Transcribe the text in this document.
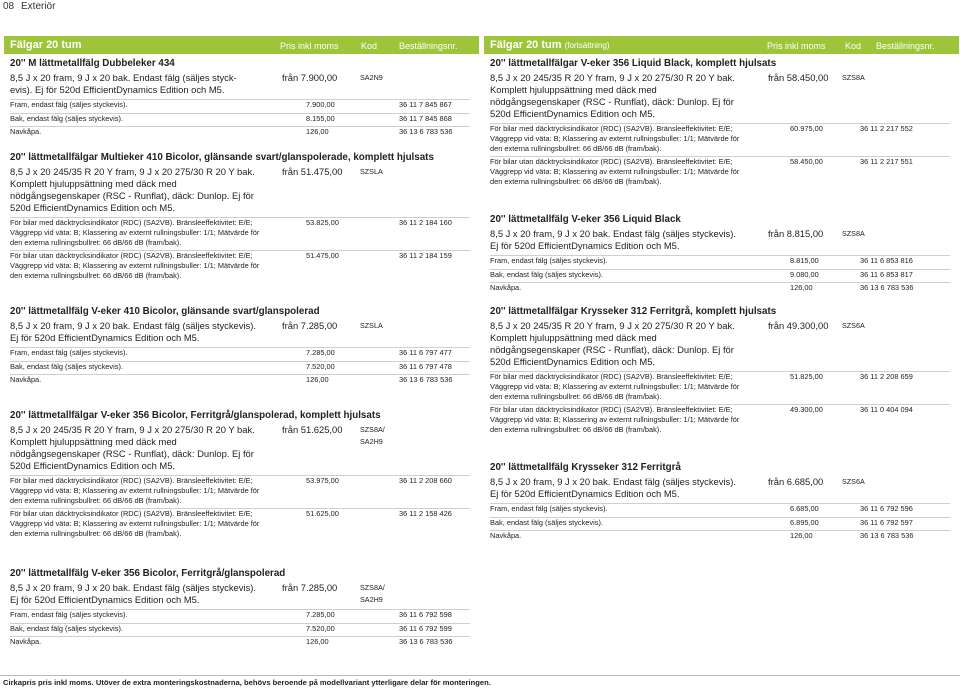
08 Exteriör
Fälgar 20 tum	Pris inkl moms Kod Beställningsnr.
20'' M lättmetallfälg Dubbeleker 434
8,5 J x 20 fram, 9 J x 20 bak. Endast fälg (säljes styck-evis). Ej för 520d EfficientDynamics Edition och M5.
från 7.900,00	SA2N9
Fram, endast fälg (säljes styckevis).	7.900,00	36 11 7 845 867
Bak, endast fälg (säljes styckevis).	8.155,00	36 11 7 845 868
Navkåpa.	126,00	36 13 6 783 536
20'' lättmetallfälgar Multieker 410 Bicolor, glänsande svart/glanspolerade, komplett hjulsats
8,5 J x 20 245/35 R 20 Y fram, 9 J x 20 275/30 R 20 Y bak. Komplett hjuluppsättning med däck med nödgångsegenskaper (RSC - Runflat), däck: Dunlop. Ej för 520d EfficientDynamics Edition och M5.
från 51.475,00 SZSLA
För bilar med däcktrycksindikator (RDC) (SA2VB). Bränsleeffektivitet: E/E; Väggrepp vid väta: B; Klassering av externt rullningsbuller: 1/1; Mätvärde för den externa rullningsbullret: 66 dB/66 dB (fram/bak).
53.825,00	36 11 2 184 160
För bilar utan däcktrycksindikator (RDC) (SA2VB). Bränsleeffektivitet: E/E; Väggrepp vid väta: B; Klassering av externt rullningsbuller: 1/1; Mätvärde för den externa rullningsbullret: 66 dB/66 dB (fram/bak).
51.475,00	36 11 2 184 159
20'' lättmetallfälg V-eker 410 Bicolor, glänsande svart/glanspolerad
8,5 J x 20 fram, 9 J x 20 bak. Endast fälg (säljes styckevis). Ej för 520d EfficientDynamics Edition och M5.
från 7.285,00	SZSLA
Fram, endast fälg (säljes styckevis).	7.285,00	36 11 6 797 477
Bak, endast fälg (säljes styckevis).	7.520,00	36 11 6 797 478
Navkåpa.	126,00	36 13 6 783 536
20'' lättmetallfälgar V-eker 356 Bicolor, Ferritgrå/glanspolerad, komplett hjulsats
8,5 J x 20 245/35 R 20 Y fram, 9 J x 20 275/30 R 20 Y bak. Komplett hjuluppsättning med däck med nödgångsegenskaper (RSC - Runflat), däck: Dunlop. Ej för 520d EfficientDynamics Edition och M5.
från 51.625,00 SZS8A/
SA2H9
För bilar med däcktrycksindikator (RDC) (SA2VB). Bränsleeffektivitet: E/E; Väggrepp vid väta: B; Klassering av externt rullningsbuller: 1/1; Mätvärde för den externa rullningsbullret: 66 dB/66 dB (fram/bak).
53.975,00	36 11 2 208 660
För bilar utan däcktrycksindikator (RDC) (SA2VB). Bränsleeffektivitet: E/E; Väggrepp vid väta: B; Klassering av externt rullningsbuller: 1/1; Mätvärde för den externa rullningsbullret: 66 dB/66 dB (fram/bak).
51.625,00	36 11 2 158 426
20'' lättmetallfälg V-eker 356 Bicolor, Ferritgrå/glanspolerad
8,5 J x 20 fram, 9 J x 20 bak. Endast fälg (säljes styckevis). Ej för 520d EfficientDynamics Edition och M5.
från 7.285,00	SZS8A/
SA2H9
Fram, endast fälg (säljes styckevis).	7.285,00	36 11 6 792 598
Bak, endast fälg (säljes styckevis).	7.520,00	36 11 6 792 599
Navkåpa.	126,00	36 13 6 783 536
Fälgar 20 tum (fortsättning)	Pris inkl moms Kod Beställningsnr.
20'' lättmetallfälgar V-eker 356 Liquid Black, komplett hjulsats
8,5 J x 20 245/35 R 20 Y fram, 9 J x 20 275/30 R 20 Y bak. Komplett hjuluppsättning med däck med nödgångsegenskaper (RSC - Runflat), däck: Dunlop. Ej för 520d EfficientDynamics Edition och M5.
från 58.450,00 SZS8A
För bilar med däcktrycksindikator (RDC) (SA2VB). Bränsleeffektivitet: E/E; Väggrepp vid väta: B; Klassering av externt rullningsbuller: 1/1; Mätvärde för den externa rullningsbullret: 66 dB/66 dB (fram/bak).
60.975,00	36 11 2 217 552
För bilar utan däcktrycksindikator (RDC) (SA2VB). Bränsleeffektivitet: E/E; Väggrepp vid väta: B; Klassering av externt rullningsbuller: 1/1; Mätvärde för den externa rullningsbullret: 66 dB/66 dB (fram/bak).
58.450,00	36 11 2 217 551
20'' lättmetallfälg V-eker 356 Liquid Black
8,5 J x 20 fram, 9 J x 20 bak. Endast fälg (säljes styckevis). Ej för 520d EfficientDynamics Edition och M5.
från 8.815,00	SZS8A
Fram, endast fälg (säljes styckevis).	8.815,00	36 11 6 853 816
Bak, endast fälg (säljes styckevis).	9.080,00	36 11 6 853 817
Navkåpa.	126,00	36 13 6 783 536
20'' lättmetallfälgar Krysseker 312 Ferritgrå, komplett hjulsats
8,5 J x 20 245/35 R 20 Y fram, 9 J x 20 275/30 R 20 Y bak. Komplett hjuluppsättning med däck med nödgångsegenskaper (RSC - Runflat), däck: Dunlop. Ej för 520d EfficientDynamics Edition och M5.
från 49.300,00 SZS6A
För bilar med däcktrycksindikator (RDC) (SA2VB). Bränsleeffektivitet: E/E; Väggrepp vid väta: B; Klassering av externt rullningsbuller: 1/1; Mätvärde för den externa rullningsbullret: 66 dB/66 dB (fram/bak).
51.825,00	36 11 2 208 659
För bilar utan däcktrycksindikator (RDC) (SA2VB). Bränsleeffektivitet: E/E; Väggrepp vid väta: B; Klassering av externt rullningsbuller: 1/1; Mätvärde för den externa rullningsbullret: 66 dB/66 dB (fram/bak).
49.300,00	36 11 0 404 094
20'' lättmetallfälg Krysseker 312 Ferritgrå
8,5 J x 20 fram, 9 J x 20 bak. Endast fälg (säljes styckevis). Ej för 520d EfficientDynamics Edition och M5.
från 6.685,00	SZS6A
Fram, endast fälg (säljes styckevis).	6.685,00	36 11 6 792 596
Bak, endast fälg (säljes styckevis).	6.895,00	36 11 6 792 597
Navkåpa.	126,00	36 13 6 783 536
Cirkapris pris inkl moms. Utöver de extra monteringskostnaderna, behövs beroende på modellvariant ytterligare delar för monteringen.
